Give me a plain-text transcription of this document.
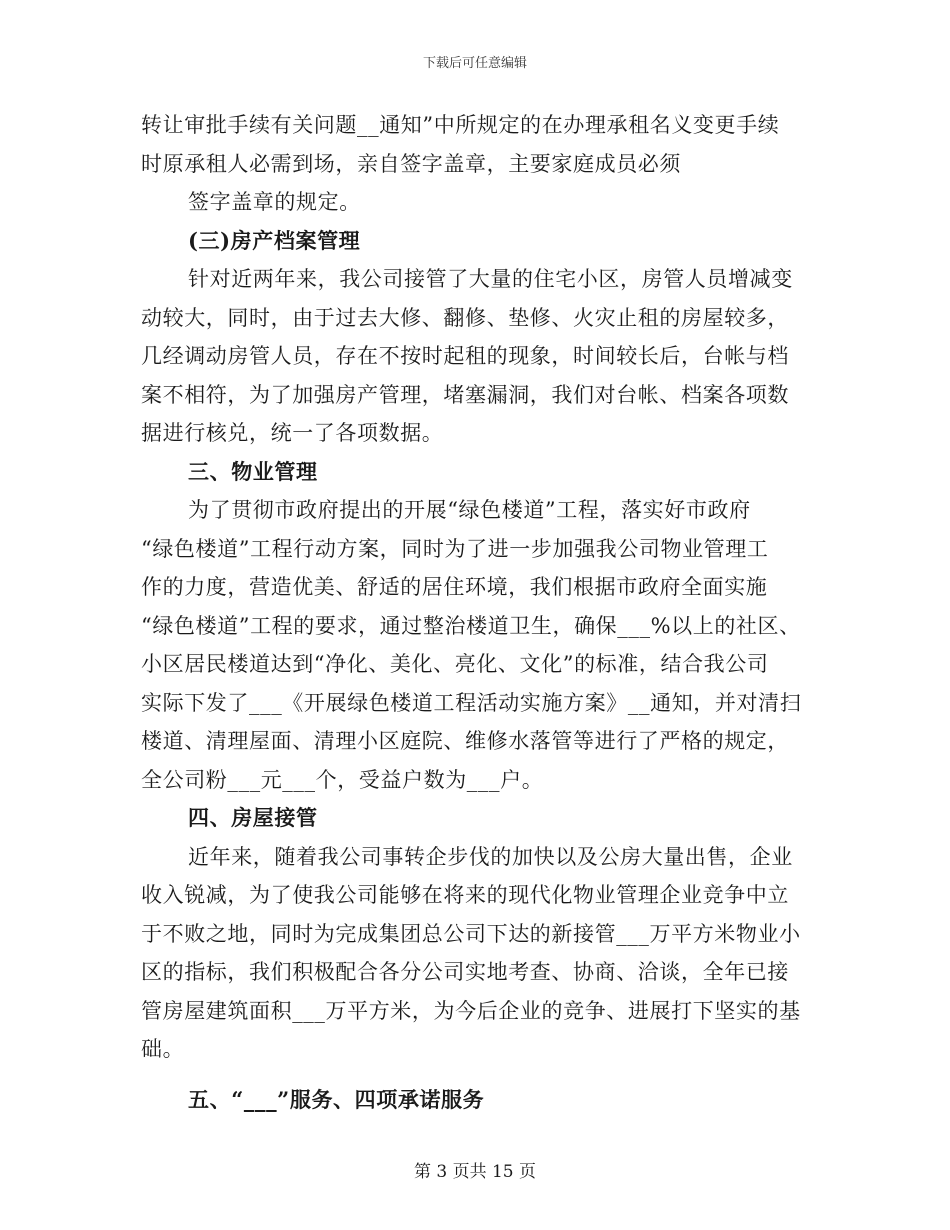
下载后可任意编辑
转让审批手续有关问题__通知”中所规定的在办理承租名义变更手续
时原承租人必需到场，亲自签字盖章，主要家庭成员必须
签字盖章的规定。
(三)房产档案管理
针对近两年来，我公司接管了大量的住宅小区，房管人员增减变
动较大，同时，由于过去大修、翻修、垫修、火灾止租的房屋较多，
几经调动房管人员，存在不按时起租的现象，时间较长后，台帐与档
案不相符，为了加强房产管理，堵塞漏洞，我们对台帐、档案各项数
据进行核兑，统一了各项数据。
三、物业管理
为了贯彻市政府提出的开展“绿色楼道”工程，落实好市政府
“绿色楼道”工程行动方案，同时为了进一步加强我公司物业管理工
作的力度，营造优美、舒适的居住环境，我们根据市政府全面实施
“绿色楼道”工程的要求，通过整治楼道卫生，确保___%以上的社区、
小区居民楼道达到“净化、美化、亮化、文化”的标准，结合我公司
实际下发了___《开展绿色楼道工程活动实施方案》__通知，并对清扫
楼道、清理屋面、清理小区庭院、维修水落管等进行了严格的规定，
全公司粉___元___个，受益户数为___户。
四、房屋接管
近年来，随着我公司事转企步伐的加快以及公房大量出售，企业
收入锐减，为了使我公司能够在将来的现代化物业管理企业竞争中立
于不败之地，同时为完成集团总公司下达的新接管___万平方米物业小
区的指标，我们积极配合各分公司实地考查、协商、洽谈，全年已接
管房屋建筑面积___万平方米，为今后企业的竞争、进展打下坚实的基
础。
五、“___”服务、四项承诺服务
第 3 页共 15 页
